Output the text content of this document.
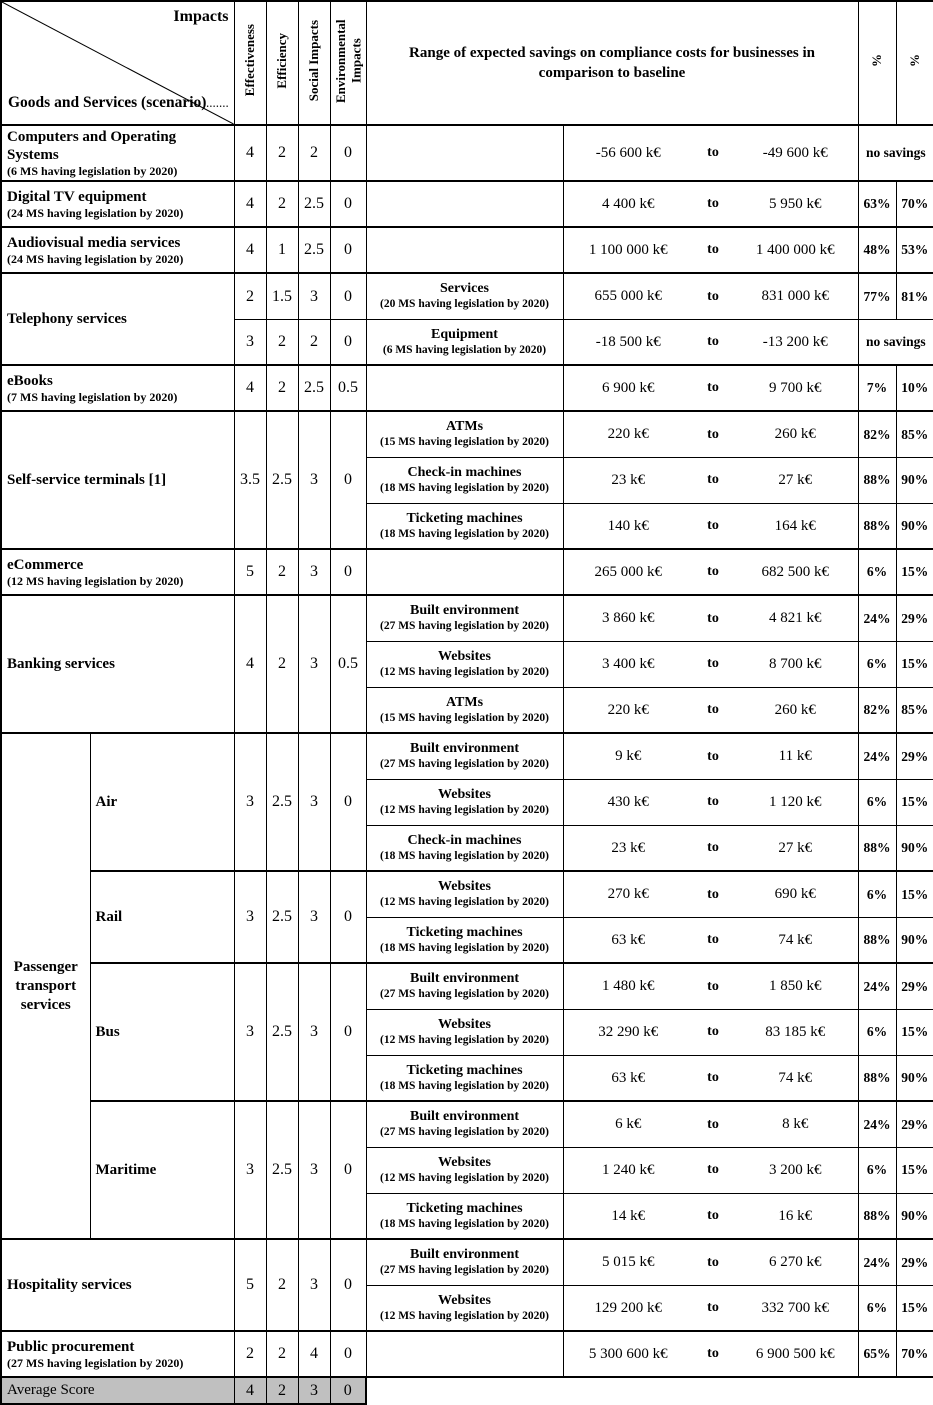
Impacts
Goods and Services (scenario).......		Effectiveness	Efficiency	Social Impacts	Environmental Impacts	Range of expected savings on compliance costs for businesses in comparison to baseline				%	%

Computers and Operating Systems
(6 MS having legislation by 2020)		4	2	2	0		-56 600 k€	to	-49 600 k€	no savings	

Digital TV equipment
(24 MS having legislation by 2020)		4	2	2.5	0		4 400 k€	to	5 950 k€	63%	70%

Audiovisual media services
(24 MS having legislation by 2020)		4	1	2.5	0		1 100 000 k€	to	1 400 000 k€	48%	53%

Telephony services		2	1.5	3	0	Services
(20 MS having legislation by 2020)	655 000 k€	to	831 000 k€	77%	81%
		3	2	2	0	Equipment
(6 MS having legislation by 2020)	-18 500 k€	to	-13 200 k€	no savings	

eBooks
(7 MS having legislation by 2020)		4	2	2.5	0.5		6 900 k€	to	9 700 k€	7%	10%

Self-service terminals [1]		3.5	2.5	3	0	ATMs
(15 MS having legislation by 2020)	220 k€	to	260 k€	82%	85%

						Check-in machines
(18 MS having legislation by 2020)	23 k€	to	27 k€	88%	90%

						Ticketing machines
(18 MS having legislation by 2020)	140 k€	to	164 k€	88%	90%

eCommerce
(12 MS having legislation by 2020)		5	2	3	0		265 000 k€	to	682 500 k€	6%	15%

Banking services		4	2	3	0.5	Built environment
(27 MS having legislation by 2020)	3 860 k€	to	4 821 k€	24%	29%

						Websites
(12 MS having legislation by 2020)	3 400 k€	to	8 700 k€	6%	15%

						ATMs
(15 MS having legislation by 2020)	220 k€	to	260 k€	82%	85%
Passenger transport services	Air	3	2.5	3	0	Built environment
(27 MS having legislation by 2020)	9 k€	to	11 k€	24%	29%

						Websites
(12 MS having legislation by 2020)	430 k€	to	1 120 k€	6%	15%

						Check-in machines
(18 MS having legislation by 2020)	23 k€	to	27 k€	88%	90%
	Rail	3	2.5	3	0	Websites
(12 MS having legislation by 2020)	270 k€	to	690 k€	6%	15%

						Ticketing machines
(18 MS having legislation by 2020)	63 k€	to	74 k€	88%	90%
	Bus	3	2.5	3	0	Built environment
(27 MS having legislation by 2020)	1 480 k€	to	1 850 k€	24%	29%

						Websites
(12 MS having legislation by 2020)	32 290 k€	to	83 185 k€	6%	15%

						Ticketing machines
(18 MS having legislation by 2020)	63 k€	to	74 k€	88%	90%
	Maritime	3	2.5	3	0	Built environment
(27 MS having legislation by 2020)	6 k€	to	8 k€	24%	29%

						Websites
(12 MS having legislation by 2020)	1 240 k€	to	3 200 k€	6%	15%

						Ticketing machines
(18 MS having legislation by 2020)	14 k€	to	16 k€	88%	90%

Hospitality services		5	2	3	0	Built environment
(27 MS having legislation by 2020)	5 015 k€	to	6 270 k€	24%	29%

						Websites
(12 MS having legislation by 2020)	129 200 k€	to	332 700 k€	6%	15%

Public procurement
(27 MS having legislation by 2020)		2	2	4	0		5 300 600 k€	to	6 900 500 k€	65%	70%
Average Score		4	2	3	0						
